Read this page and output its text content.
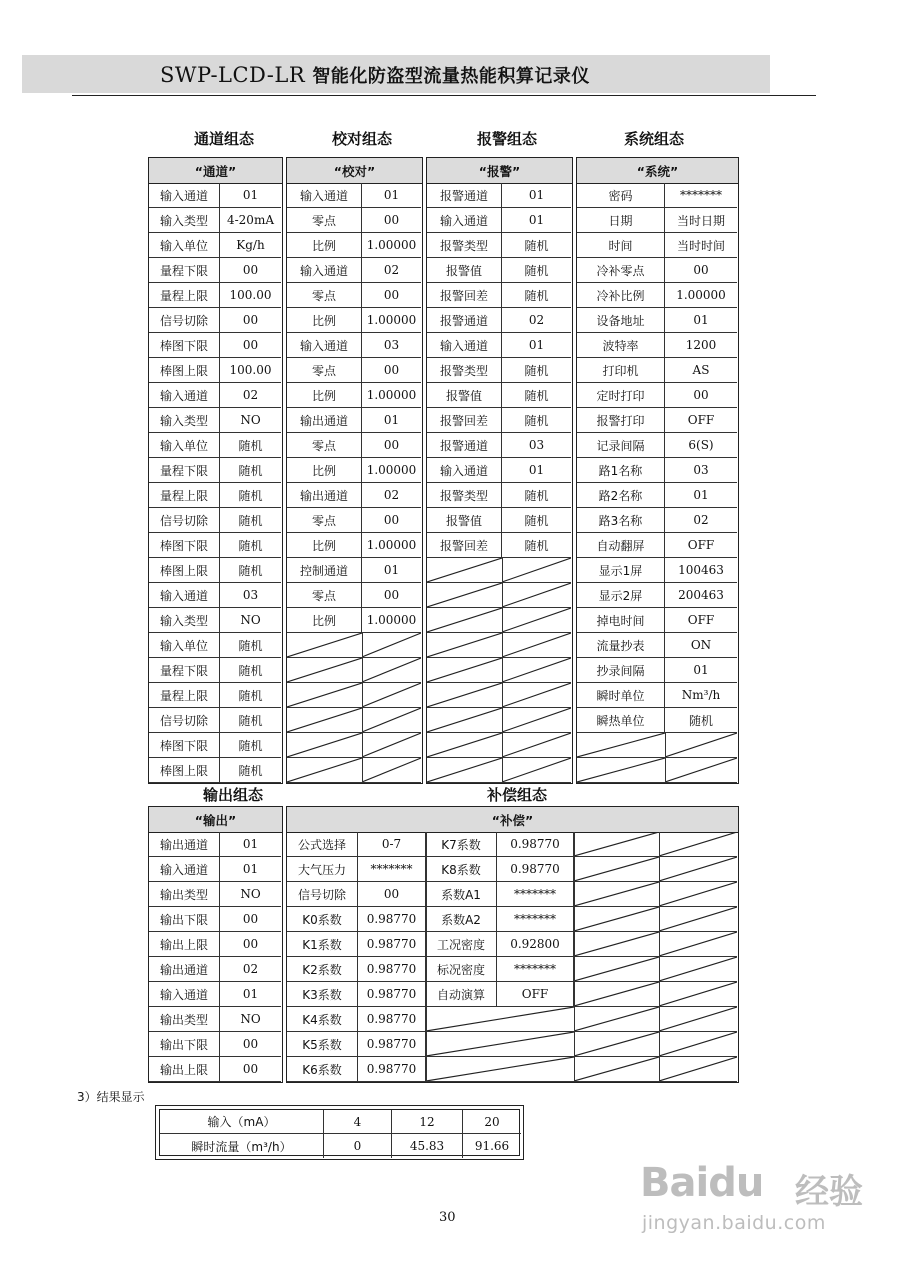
SWP-LCD-LR 智能化防盗型流量热能积算记录仪
通道组态	校对组态	报警组态	系统组态
“通道”
输入通道	01
输入类型	4-20mA
输入单位	Kg/h
量程下限	00
量程上限	100.00
信号切除	00
棒图下限	00
棒图上限	100.00
输入通道	02
输入类型	NO
输入单位	随机
量程下限	随机
量程上限	随机
信号切除	随机
棒图下限	随机
棒图上限	随机
输入通道	03
输入类型	NO
输入单位	随机
量程下限	随机
量程上限	随机
信号切除	随机
棒图下限	随机
棒图上限	随机
“校对”
输入通道	01
零点	00
比例	1.00000
输入通道	02
零点	00
比例	1.00000
输入通道	03
零点	00
比例	1.00000
输出通道	01
零点	00
比例	1.00000
输出通道	02
零点	00
比例	1.00000
控制通道	01
零点	00
比例	1.00000
“报警”
报警通道	01
输入通道	01
报警类型	随机
报警值	随机
报警回差	随机
报警通道	02
输入通道	01
报警类型	随机
报警值	随机
报警回差	随机
报警通道	03
输入通道	01
报警类型	随机
报警值	随机
报警回差	随机
“系统”
密码	*******
日期	当时日期
时间	当时时间
冷补零点	00
冷补比例	1.00000
设备地址	01
波特率	1200
打印机	AS
定时打印	00
报警打印	OFF
记录间隔	6(S)
路1名称	03
路2名称	01
路3名称	02
自动翻屏	OFF
显示1屏	100463
显示2屏	200463
掉电时间	OFF
流量抄表	ON
抄录间隔	01
瞬时单位	Nm³/h
瞬热单位	随机
“输出”
输出通道	01
输入通道	01
输出类型	NO
输出下限	00
输出上限	00
输出通道	02
输入通道	01
输出类型	NO
输出下限	00
输出上限	00
“补偿”
公式选择	0-7
大气压力	*******
信号切除	00
K0系数	0.98770
K1系数	0.98770
K2系数	0.98770
K3系数	0.98770
K4系数	0.98770
K5系数	0.98770
K6系数	0.98770
K7系数	0.98770
K8系数	0.98770
系数A1	*******
系数A2	*******
工况密度	0.92800
标况密度	*******
自动演算	OFF
输出组态	补偿组态
3）结果显示
输入（mA）	4	12	20
瞬时流量（m³/h）	0	45.83	91.66
30
Baidu 经验
jingyan.baidu.com
